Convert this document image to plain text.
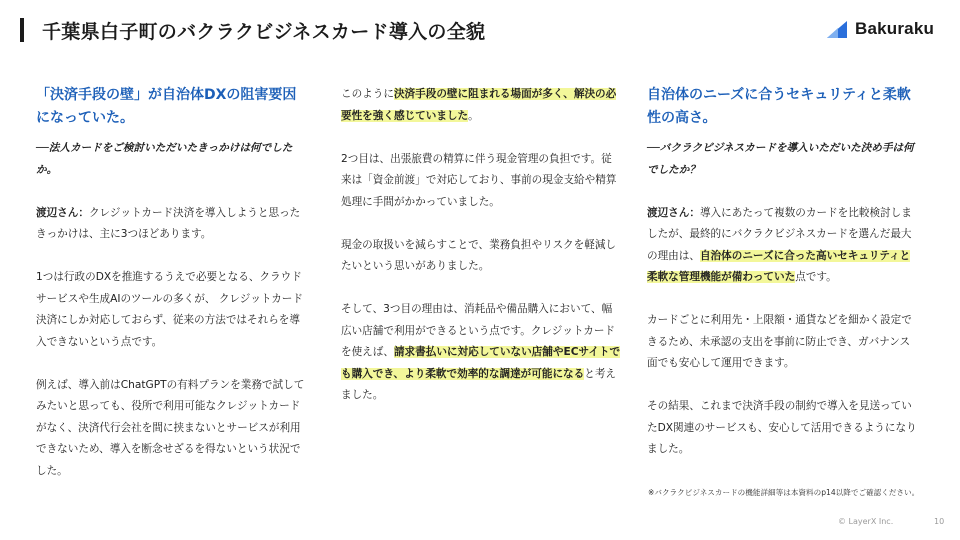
千葉県白子町のバクラクビジネスカード導入の全貌	Bakuraku
「決済手段の壁」が自治体DXの阻害要因になっていた。
──法人カードをご検討いただいたきっかけは何でしたか。
渡辺さん：クレジットカード決済を導入しようと思ったきっかけは、主に3つほどあります。
1つは行政のDXを推進するうえで必要となる、クラウドサービスや生成AIのツールの多くが、 クレジットカード決済にしか対応しておらず、従来の方法ではそれらを導入できないという点です。
例えば、導入前はChatGPTの有料プランを業務で試してみたいと思っても、役所で利用可能なクレジットカードがなく、決済代行会社を間に挟まないとサービスが利用できないため、導入を断念せざるを得ないという状況でした。
このように決済手段の壁に阻まれる場面が多く、解決の必要性を強く感じていました。
2つ目は、出張旅費の精算に伴う現金管理の負担です。従来は「資金前渡」で対応しており、事前の現金支給や精算処理に手間がかかっていました。
現金の取扱いを減らすことで、業務負担やリスクを軽減したいという思いがありました。
そして、3つ目の理由は、消耗品や備品購入において、幅広い店舗で利用ができるという点です。クレジットカードを使えば、請求書払いに対応していない店舗やECサイトでも購入でき、より柔軟で効率的な調達が可能になると考えました。
自治体のニーズに合うセキュリティと柔軟性の高さ。
──バクラクビジネスカードを導入いただいた決め手は何でしたか？
渡辺さん：導入にあたって複数のカードを比較検討しましたが、最終的にバクラクビジネスカードを選んだ最大の理由は、自治体のニーズに合った高いセキュリティと柔軟な管理機能が備わっていた点です。
カードごとに利用先・上限額・通貨などを細かく設定できるため、未承認の支出を事前に防止でき、ガバナンス面でも安心して運用できます。
その結果、これまで決済手段の制約で導入を見送っていたDX関連のサービスも、安心して活用できるようになりました。
※バクラクビジネスカードの機能詳細等は本資料のp14以降でご確認ください。
© LayerX Inc.	10
